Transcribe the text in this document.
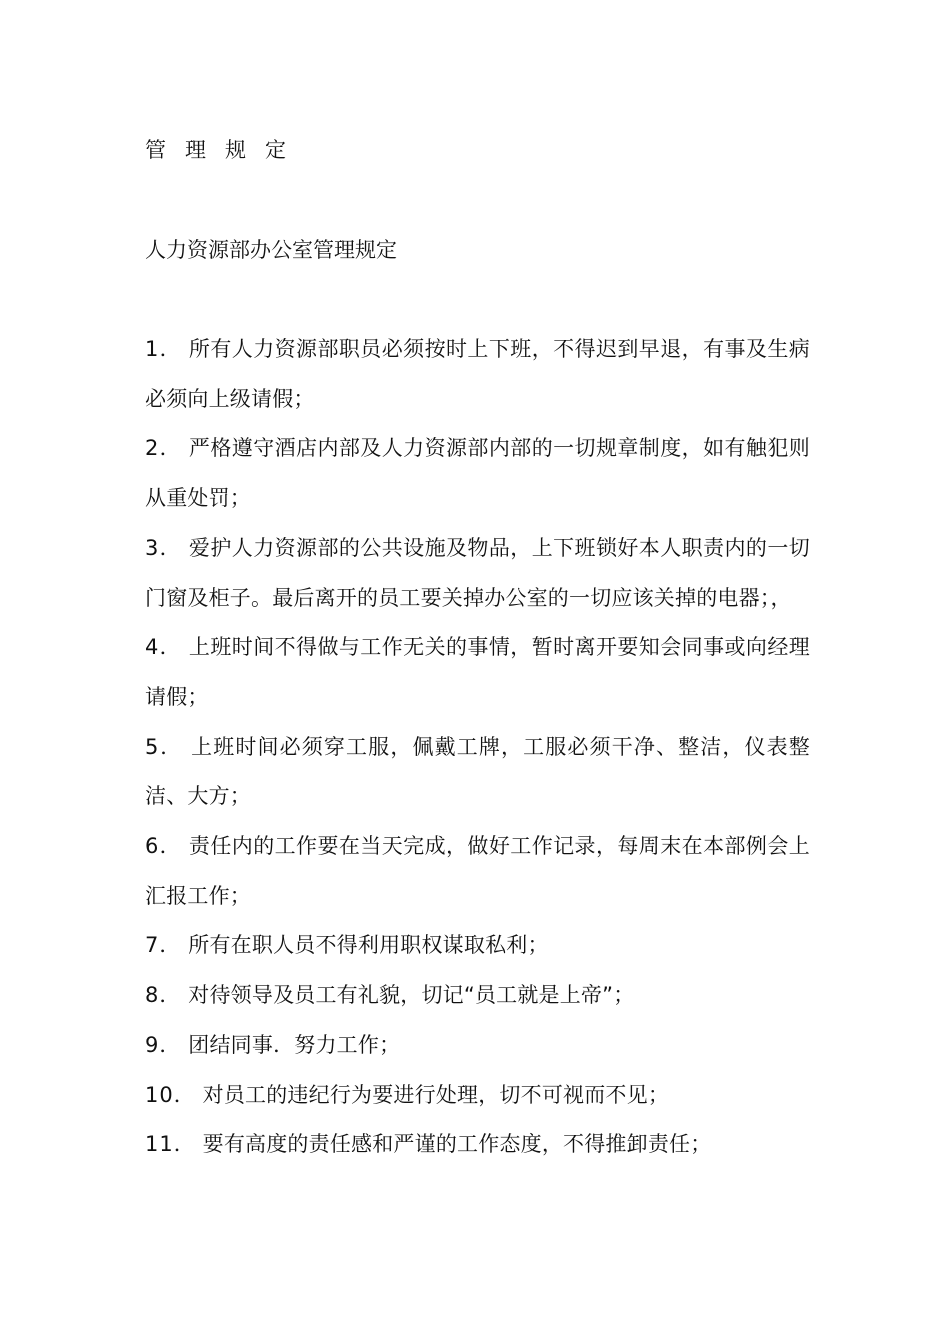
管理规定
人力资源部办公室管理规定
1． 所有人力资源部职员必须按时上下班，不得迟到早退，有事及生病必须向上级请假；
2． 严格遵守酒店内部及人力资源部内部的一切规章制度，如有触犯则从重处罚；
3． 爱护人力资源部的公共设施及物品，上下班锁好本人职责内的一切门窗及柜子。最后离开的员工要关掉办公室的一切应该关掉的电器；，
4． 上班时间不得做与工作无关的事情，暂时离开要知会同事或向经理请假；
5． 上班时间必须穿工服，佩戴工牌，工服必须干净、整洁，仪表整洁、大方；
6． 责任内的工作要在当天完成，做好工作记录，每周末在本部例会上汇报工作；
7． 所有在职人员不得利用职权谋取私利；
8． 对待领导及员工有礼貌，切记“员工就是上帝”；
9． 团结同事．努力工作；
10． 对员工的违纪行为要进行处理，切不可视而不见；
11． 要有高度的责任感和严谨的工作态度，不得推卸责任；
